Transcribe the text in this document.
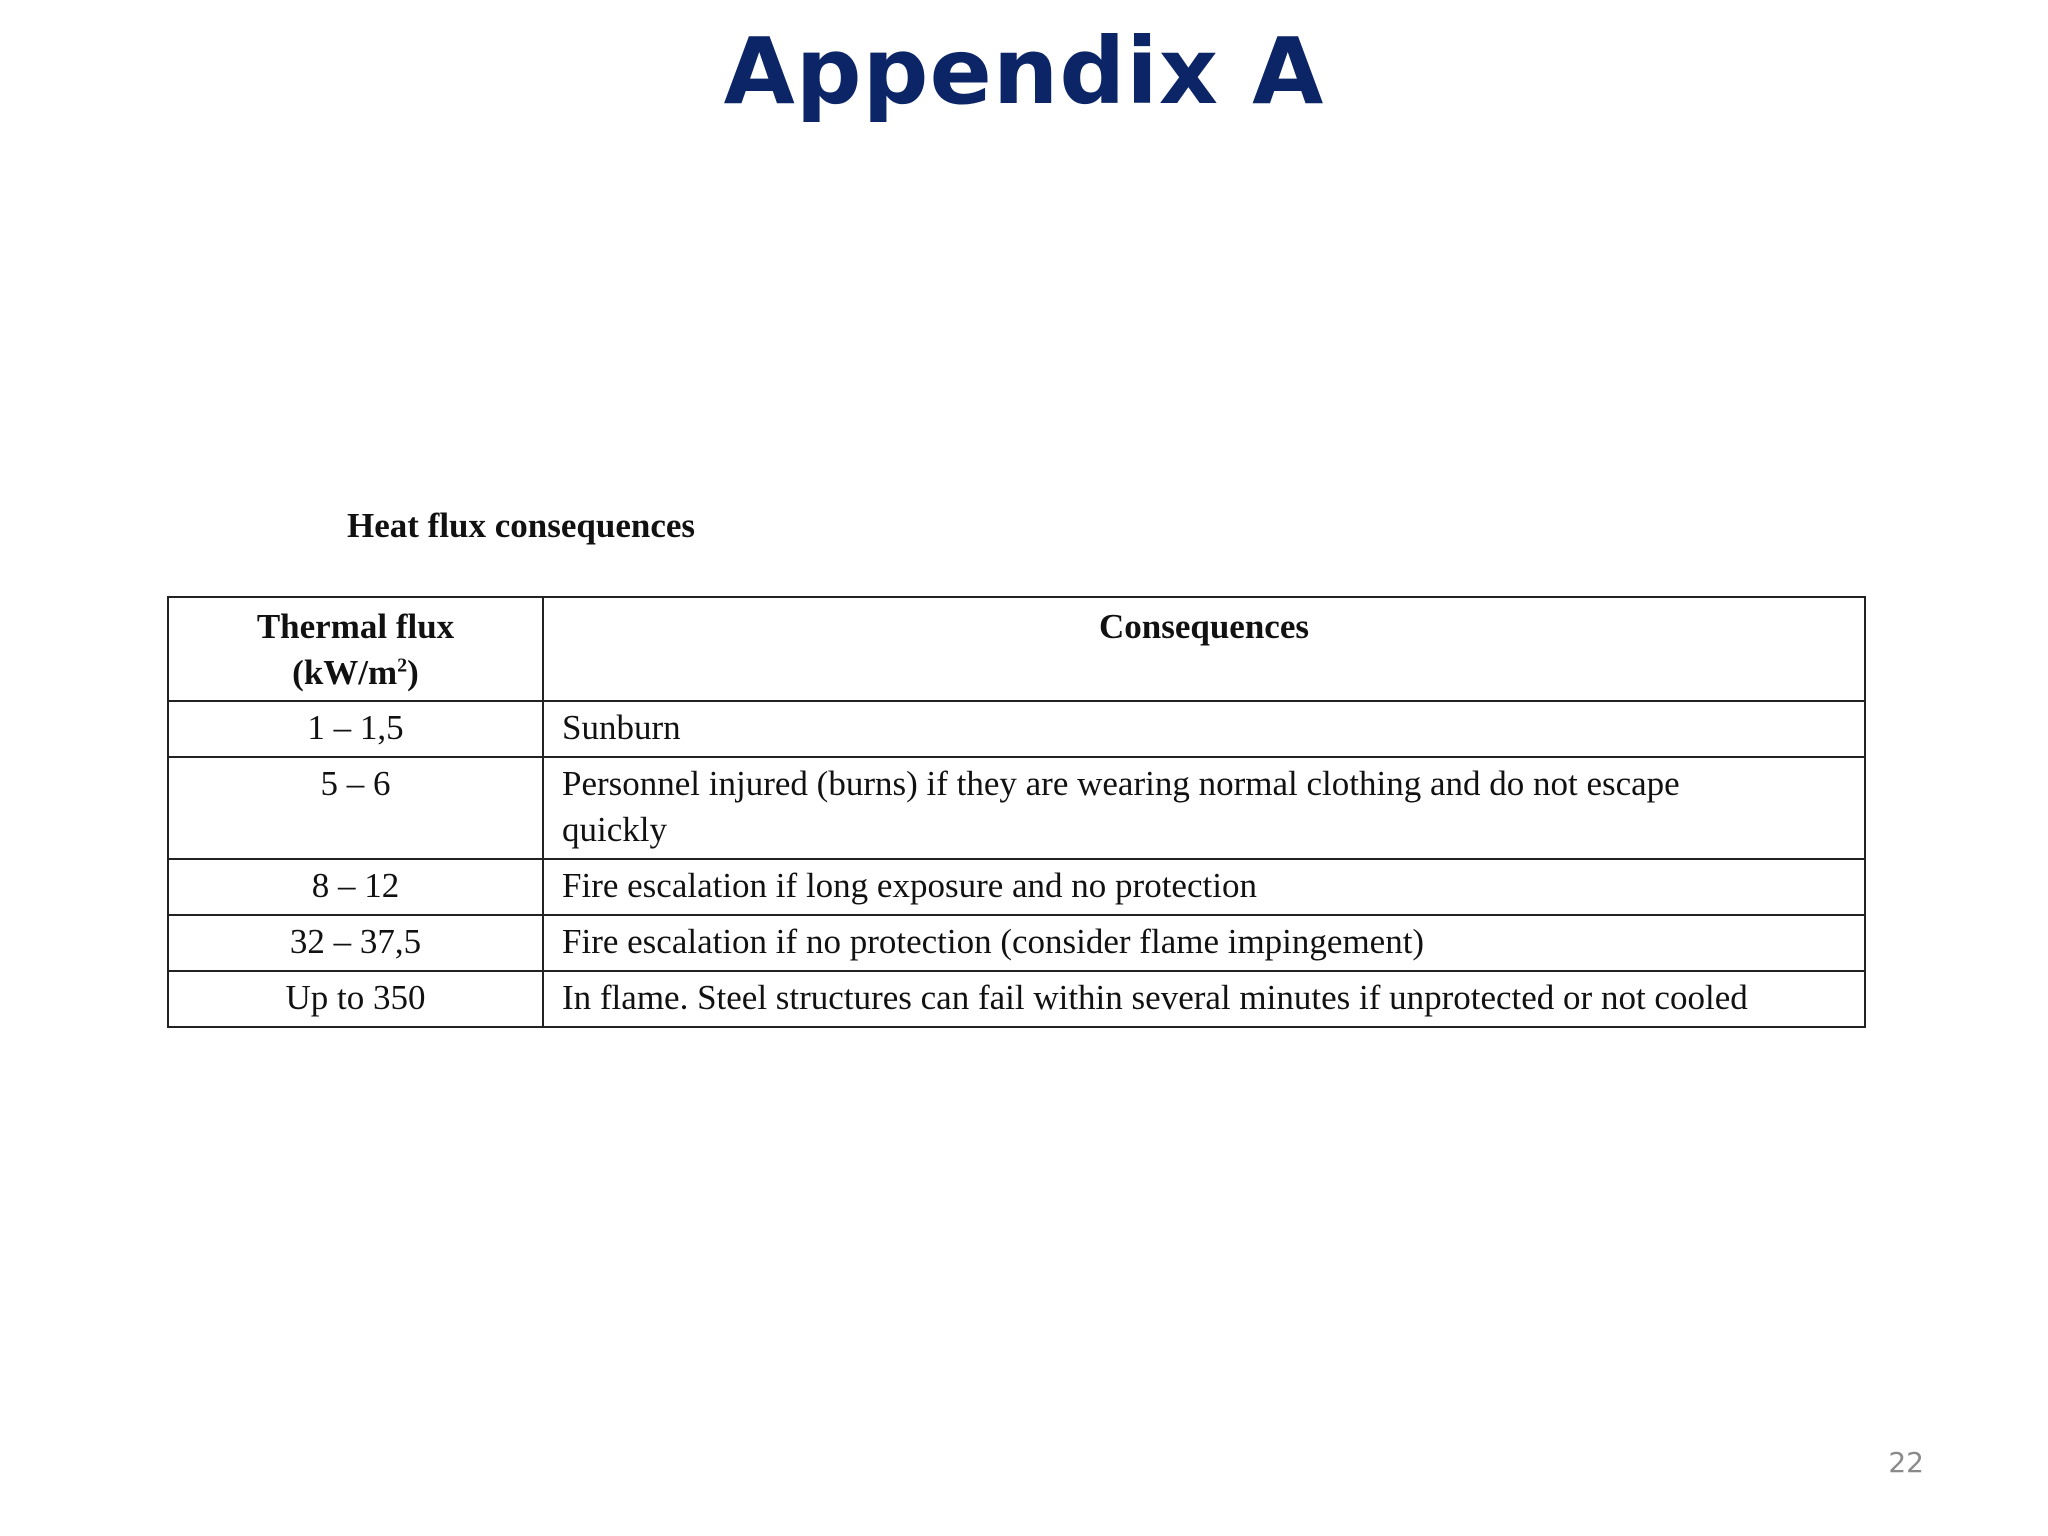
Appendix A
Heat flux consequences
Thermal flux
$(kW/m^2)$	Consequences
1 – 1,5	Sunburn
5 – 6	Personnel injured (burns) if they are wearing normal clothing and do not escape quickly
8 – 12	Fire escalation if long exposure and no protection
32 – 37,5	Fire escalation if no protection (consider flame impingement)
Up to 350	In flame. Steel structures can fail within several minutes if unprotected or not cooled
22
